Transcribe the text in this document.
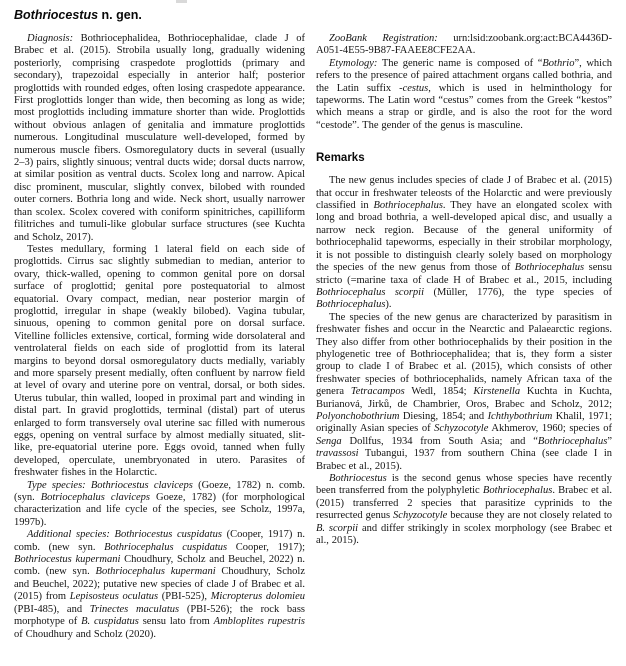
Bothriocestus n. gen.

Diagnosis: Bothriocephalidea, Bothriocephalidae, clade J of Brabec et al. (2015). Strobila usually long, gradually widening posteriorly, comprising craspedote proglottids (primary and secondary), trapezoidal especially in anterior half; posterior proglottids with rounded edges, often losing craspedote appearance. First proglottids longer than wide, then becoming as long as wide; most proglottids including immature shorter than wide. Proglottids without obvious anlagen of genitalia and immature proglottids numerous. Longitudinal musculature well-developed, formed by numerous muscle fibers. Osmoregulatory ducts in several (usually 2–3) pairs, slightly sinuous; ventral ducts wide; dorsal ducts narrow, at similar position as ventral ducts. Scolex long and narrow. Apical disc prominent, muscular, slightly convex, bilobed with rounded outer corners. Bothria long and wide. Neck short, usually narrower than scolex. Scolex covered with coniform spinitriches, capilliform filitriches and tumuli-like globular surface structures (see Kuchta and Scholz, 2017).

Testes medullary, forming 1 lateral field on each side of proglottids. Cirrus sac slightly submedian to median, anterior to ovary, thick-walled, opening to common genital pore on dorsal surface of proglottid; genital pore postequatorial to almost equatorial. Ovary compact, median, near posterior margin of proglottid, irregular in shape (weakly bilobed). Vagina tubular, sinuous, opening to common genital pore on dorsal surface. Vitelline follicles extensive, cortical, forming wide dorsolateral and ventrolateral fields on each side of proglottid from its lateral margins to beyond dorsal osmoregulatory ducts medially, variably and more sparsely present medially, often confluent by narrow field at level of ovary and uterine pore on ventral, dorsal, or both sides. Uterus tubular, thin walled, looped in proximal part and winding in distal part. In gravid proglottids, terminal (distal) part of uterus enlarged to form transversely oval uterine sac filled with numerous eggs, opening on ventral surface by almost medially situated, slit-like, pre-equatorial uterine pore. Eggs ovoid, tanned when fully developed, operculate, unembryonated in utero. Parasites of freshwater fishes in the Holarctic.

Type species: Bothriocestus claviceps (Goeze, 1782) n. comb. (syn. Botriocephalus claviceps Goeze, 1782) (for morphological characterization and life cycle of the species, see Scholz, 1997a, 1997b).

Additional species: Bothriocestus cuspidatus (Cooper, 1917) n. comb. (new syn. Bothriocephalus cuspidatus Cooper, 1917); Bothriocestus kupermani Choudhury, Scholz and Beuchel, 2022) n. comb. (new syn. Bothriocephalus kupermani Choudhury, Scholz and Beuchel, 2022); putative new species of clade J of Brabec et al. (2015) from Lepisosteus oculatus (PBI-525), Micropterus dolomieu (PBI-485), and Trinectes maculatus (PBI-526); the rock bass morphotype of B. cuspidatus sensu lato from Ambloplites rupestris of Choudhury and Scholz (2020).

ZooBank Registration: urn:lsid:zoobank.org:act:BCA4436D-A051-4E55-9B87-FAAEE8CFE2AA.

Etymology: The generic name is composed of “Bothrio”, which refers to the presence of paired attachment organs called bothria, and the Latin suffix -cestus, which is used in helminthology for tapeworms. The Latin word “cestus” comes from the Greek “kestos” which means a strap or girdle, and is also the root for the word “cestode”. The gender of the genus is masculine.

Remarks

The new genus includes species of clade J of Brabec et al. (2015) that occur in freshwater teleosts of the Holarctic and were previously classified in Bothriocephalus. They have an elongated scolex with long and broad bothria, a well-developed apical disc, and usually a narrow neck region. Because of the general uniformity of bothriocephalid tapeworms, especially in their strobilar morphology, it is not possible to distinguish clearly solely based on morphology the species of the new genus from those of Bothriocephalus sensu stricto (=marine taxa of clade H of Brabec et al., 2015, including Bothriocephalus scorpii (Müller, 1776), the type species of Bothriocephalus).

The species of the new genus are characterized by parasitism in freshwater fishes and occur in the Nearctic and Palaearctic regions. They also differ from other bothriocephalids by their position in the phylogenetic tree of Bothriocephalidea; that is, they form a sister group to clade I of Brabec et al. (2015), which consists of other freshwater species of bothriocephalids, namely African taxa of the genera Tetracampos Wedl, 1854; Kirstenella Kuchta in Kuchta, Burianová, Jirků, de Chambrier, Oros, Brabec and Scholz, 2012; Polyonchobothrium Diesing, 1854; and Ichthybothrium Khalil, 1971; originally Asian species of Schyzocotyle Akhmerov, 1960; species of Senga Dollfus, 1934 from South Asia; and “Bothriocephalus” travassosi Tubangui, 1937 from southern China (see clade I in Brabec et al., 2015).

Bothriocestus is the second genus whose species have recently been transferred from the polyphyletic Bothriocephalus. Brabec et al. (2015) transferred 2 species that parasitize cyprinids to the resurrected genus Schyzocotyle because they are not closely related to B. scorpii and differ strikingly in scolex morphology (see Brabec et al., 2015).
